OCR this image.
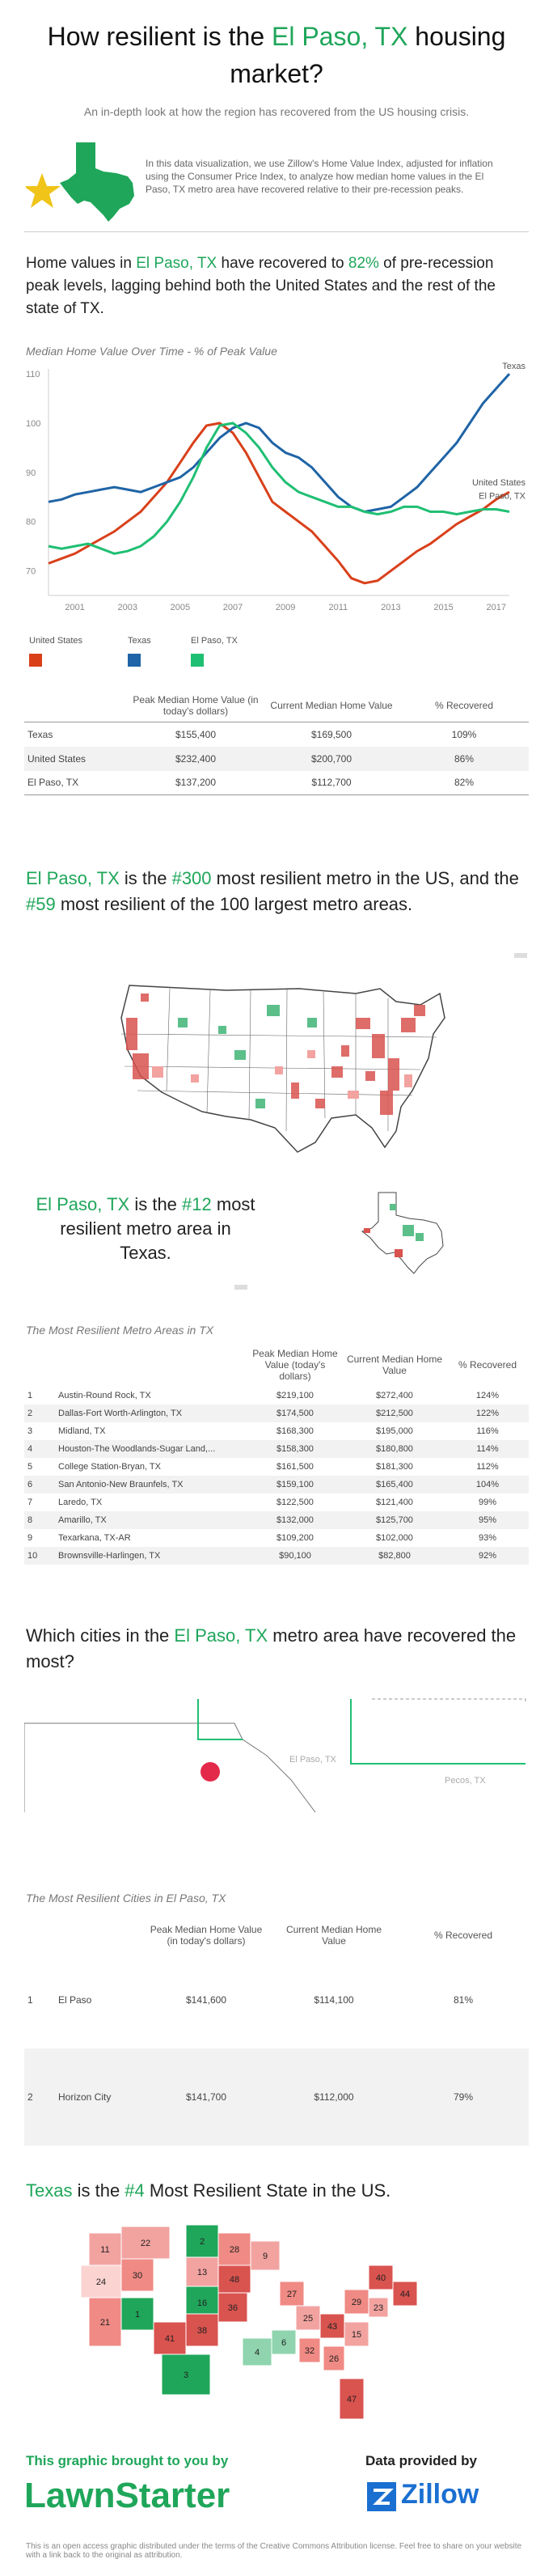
How resilient is the El Paso, TX housing market?
An in-depth look at how the region has recovered from the US housing crisis.
In this data visualization, we use Zillow's Home Value Index, adjusted for inflation using the Consumer Price Index, to analyze how median home values in the El Paso, TX metro area have recovered relative to their pre-recession peaks.
Home values in El Paso, TX have recovered to 82% of pre-recession peak levels, lagging behind both the United States and the rest of the state of TX.
Median Home Value Over Time - % of Peak Value
110
100
90
80
70
2001	2003	2005	2007	2009	2011	2013	2015	2017
Texas
United States
El Paso, TX
United States	Texas	El Paso, TX
	Peak Median Home Value (in today's dollars)	Current Median Home Value	% Recovered
Texas	$155,400	$169,500	109%
United States	$232,400	$200,700	86%
El Paso, TX	$137,200	$112,700	82%
El Paso, TX is the #300 most resilient metro in the US, and the #59 most resilient of the 100 largest metro areas.
El Paso, TX is the #12 most resilient metro area in Texas.
The Most Resilient Metro Areas in TX
		Peak Median Home Value (today's dollars)	Current Median Home Value	% Recovered
1	Austin-Round Rock, TX	$219,100	$272,400	124%
2	Dallas-Fort Worth-Arlington, TX	$174,500	$212,500	122%
3	Midland, TX	$168,300	$195,000	116%
4	Houston-The Woodlands-Sugar Land,...	$158,300	$180,800	114%
5	College Station-Bryan, TX	$161,500	$181,300	112%
6	San Antonio-New Braunfels, TX	$159,100	$165,400	104%
7	Laredo, TX	$122,500	$121,400	99%
8	Amarillo, TX	$132,000	$125,700	95%
9	Texarkana, TX-AR	$109,200	$102,000	93%
10	Brownsville-Harlingen, TX	$90,100	$82,800	92%
Which cities in the El Paso, TX metro area have recovered the most?
El Paso, TX
Pecos, TX
The Most Resilient Cities in El Paso, TX
		Peak Median Home Value (in today's dollars)	Current Median Home Value	% Recovered
1	El Paso	$141,600	$114,100	81%
2	Horizon City	$141,700	$112,000	79%
Texas is the #4 Most Resilient State in the US.
11
22	2
28
9
24
30	13
48
21
1
16 36
41
38
3
4
6
32
26
25
43
27
29
15
40
44
23
47
This graphic brought to you by
LawnStarter
Data provided by
Zillow
This is an open access graphic distributed under the terms of the Creative Commons Attribution license. Feel free to share on your website with a link back to the original as attribution.
